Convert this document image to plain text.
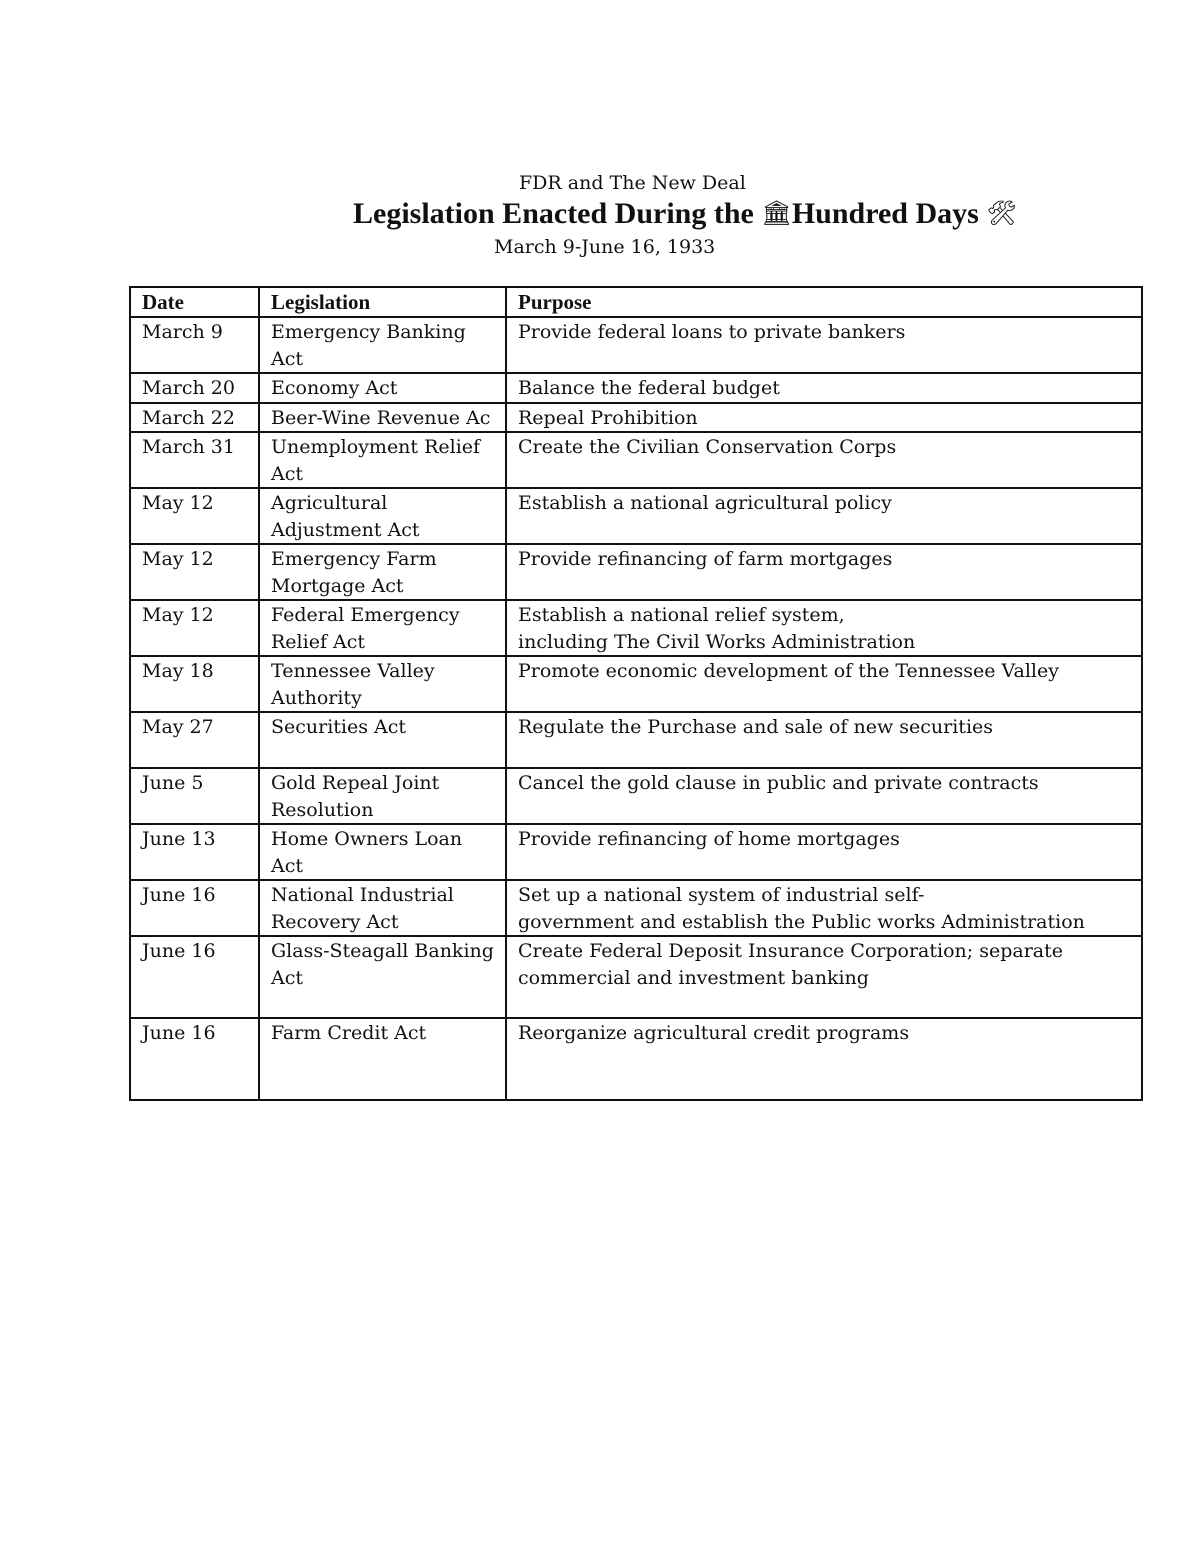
FDR and The New Deal
Legislation Enacted During the 🏛Hundred Days 🛠
March 9-June 16, 1933
Date	Legislation	Purpose
March 9	Emergency Banking Act	Provide federal loans to private bankers

March 20	Economy Act	Balance the federal budget

March 22	Beer-Wine Revenue Ac	Repeal Prohibition

March 31	Unemployment Relief Act	Create the Civilian Conservation Corps

May 12	Agricultural Adjustment Act	Establish a national agricultural policy

May 12	Emergency Farm Mortgage Act	Provide refinancing of farm mortgages

May 12	Federal Emergency Relief Act	Establish a national relief system,
including The Civil Works Administration

May 18	Tennessee Valley Authority	Promote economic development of the Tennessee Valley

May 27	Securities Act	Regulate the Purchase and sale of new securities

June 5	Gold Repeal Joint Resolution	Cancel the gold clause in public and private contracts

June 13	Home Owners Loan Act	Provide refinancing of home mortgages

June 16	National Industrial Recovery Act	Set up a national system of industrial self-
government and establish the Public works Administration

June 16	Glass-Steagall Banking Act	Create Federal Deposit Insurance Corporation; separate
commercial and investment banking

June 16	Farm Credit Act	Reorganize agricultural credit programs
